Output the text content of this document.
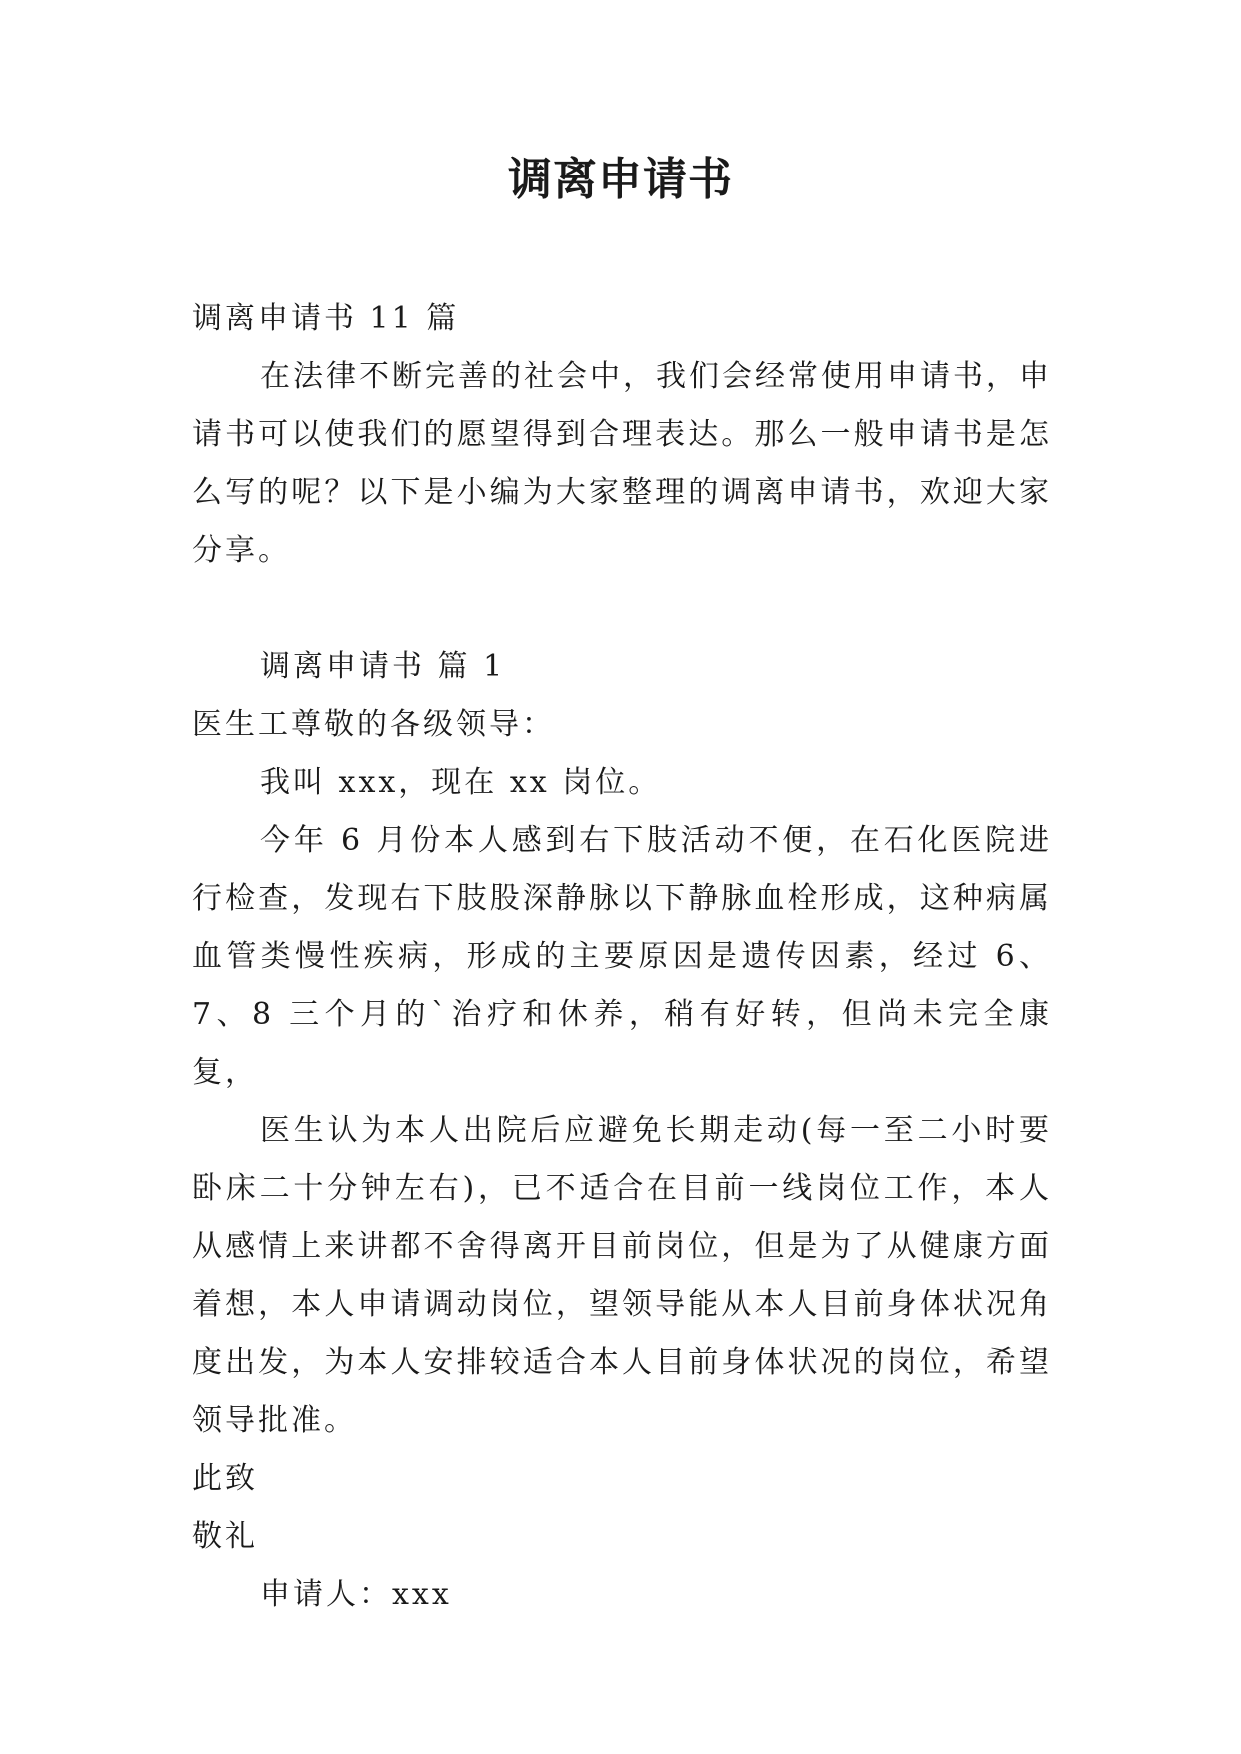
调离申请书

调离申请书 11 篇

在法律不断完善的社会中，我们会经常使用申请书，申请书可以使我们的愿望得到合理表达。那么一般申请书是怎么写的呢？以下是小编为大家整理的调离申请书，欢迎大家分享。

调离申请书 篇 1

医生工尊敬的各级领导：

我叫 xxx，现在 xx 岗位。

今年 6 月份本人感到右下肢活动不便，在石化医院进行检查，发现右下肢股深静脉以下静脉血栓形成，这种病属血管类慢性疾病，形成的主要原因是遗传因素，经过 6、7、8 三个月的`治疗和休养，稍有好转，但尚未完全康复，

医生认为本人出院后应避免长期走动(每一至二小时要卧床二十分钟左右)，已不适合在目前一线岗位工作，本人从感情上来讲都不舍得离开目前岗位，但是为了从健康方面着想，本人申请调动岗位，望领导能从本人目前身体状况角度出发，为本人安排较适合本人目前身体状况的岗位，希望领导批准。

此致

敬礼

申请人：xxx
